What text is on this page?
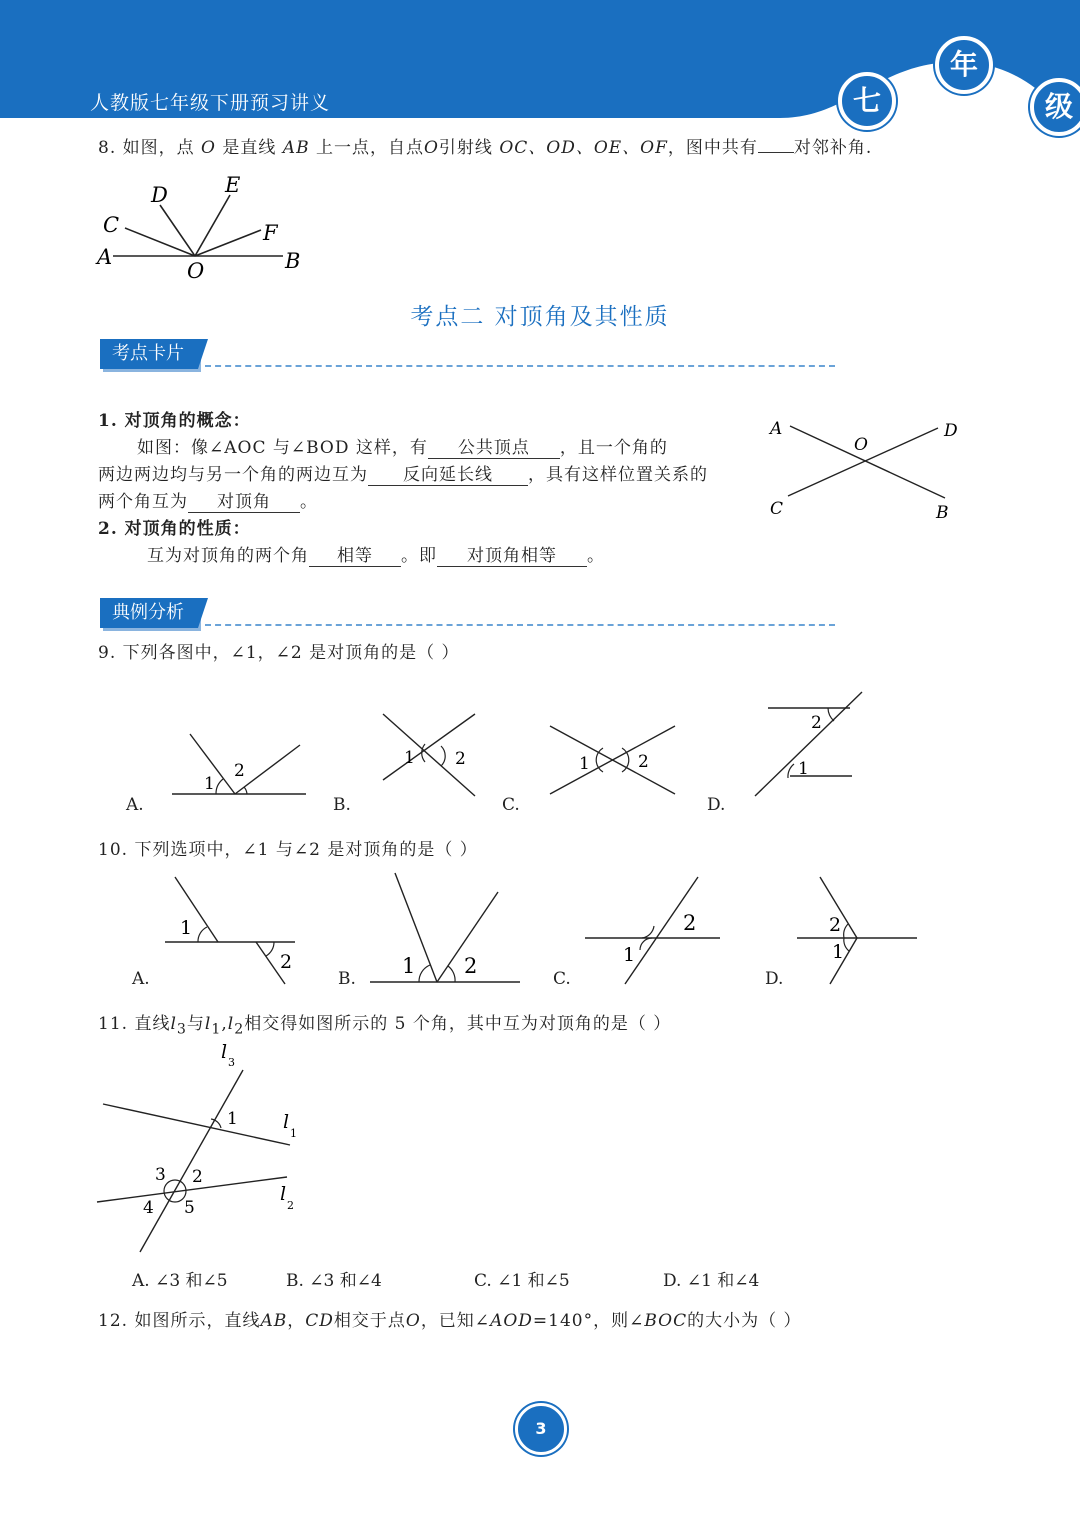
人教版七年级下册预习讲义	七
年
级
8. 如图，点 O 是直线 AB 上一点，自点O引射线 OC、OD、OE、OF，图中共有 对邻补角.
A
C
D	E
F
B
O
考点二 对顶角及其性质
考点卡片
1. 对顶角的概念：
如图：像∠AOC 与∠BOD 这样，有 公共顶点 ，且一个角的
两边两边均与另一个角的两边互为 反向延长线 ，具有这样位置关系的
两个角互为 对顶角 。
2. 对顶角的性质：
互为对顶角的两个角 相等 。即 对顶角相等 。
A
O
D
C	B
典例分析
9. 下列各图中，∠1，∠2 是对顶角的是（ ）
1
2
A.
1 2
B.
1	2
C.
2
1
D.
10. 下列选项中，∠1 与∠2 是对顶角的是（ ）
1
2
A.
1 2
B.
2
1
C.
2
1
D.
11. 直线$l_3$与$l_1,l_2$相交得如图所示的 5 个角，其中互为对顶角的是（ ）
l 3
l
1
l
2
1
2
3
4 5
A. ∠3 和∠5	B. ∠3 和∠4	C. ∠1 和∠5	D. ∠1 和∠4
12. 如图所示，直线AB，CD相交于点O，已知∠AOD=140°，则∠BOC的大小为（ ）
3
